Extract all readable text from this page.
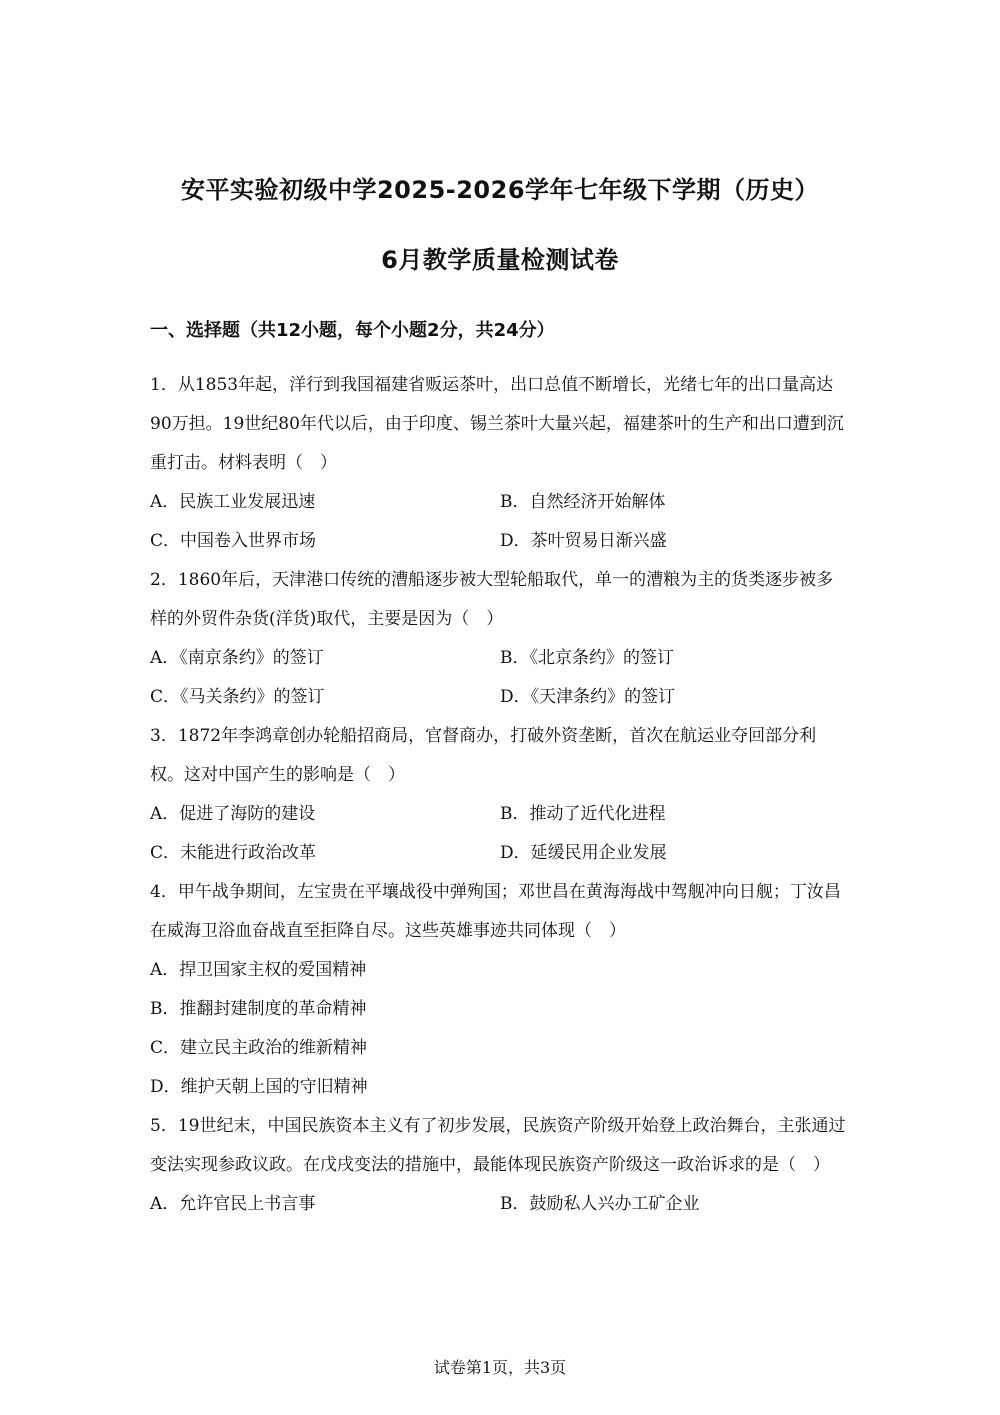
安平实验初级中学2025-2026学年七年级下学期（历史）
6月教学质量检测试卷
一、选择题（共12小题，每个小题2分，共24分）

1．从1853年起，洋行到我国福建省贩运茶叶，出口总值不断增长，光绪七年的出口量高达90万担。19世纪80年代以后，由于印度、锡兰茶叶大量兴起，福建茶叶的生产和出口遭到沉重打击。材料表明（　）

A．民族工业发展迅速	B．自然经济开始解体
C．中国卷入世界市场	D．茶叶贸易日渐兴盛

2．1860年后，天津港口传统的漕船逐步被大型轮船取代，单一的漕粮为主的货类逐步被多样的外贸件杂货(洋货)取代，主要是因为（　）

A．《南京条约》的签订	B．《北京条约》的签订
C．《马关条约》的签订	D．《天津条约》的签订

3．1872年李鸿章创办轮船招商局，官督商办，打破外资垄断，首次在航运业夺回部分利权。这对中国产生的影响是（　）

A．促进了海防的建设	B．推动了近代化进程
C．未能进行政治改革	D．延缓民用企业发展

4．甲午战争期间，左宝贵在平壤战役中弹殉国；邓世昌在黄海海战中驾舰冲向日舰；丁汝昌在威海卫浴血奋战直至拒降自尽。这些英雄事迹共同体现（　）

A．捍卫国家主权的爱国精神
B．推翻封建制度的革命精神
C．建立民主政治的维新精神
D．维护天朝上国的守旧精神

5．19世纪末，中国民族资本主义有了初步发展，民族资产阶级开始登上政治舞台，主张通过变法实现参政议政。在戊戌变法的措施中，最能体现民族资产阶级这一政治诉求的是（　）

A．允许官民上书言事	B．鼓励私人兴办工矿企业
试卷第1页，共3页
